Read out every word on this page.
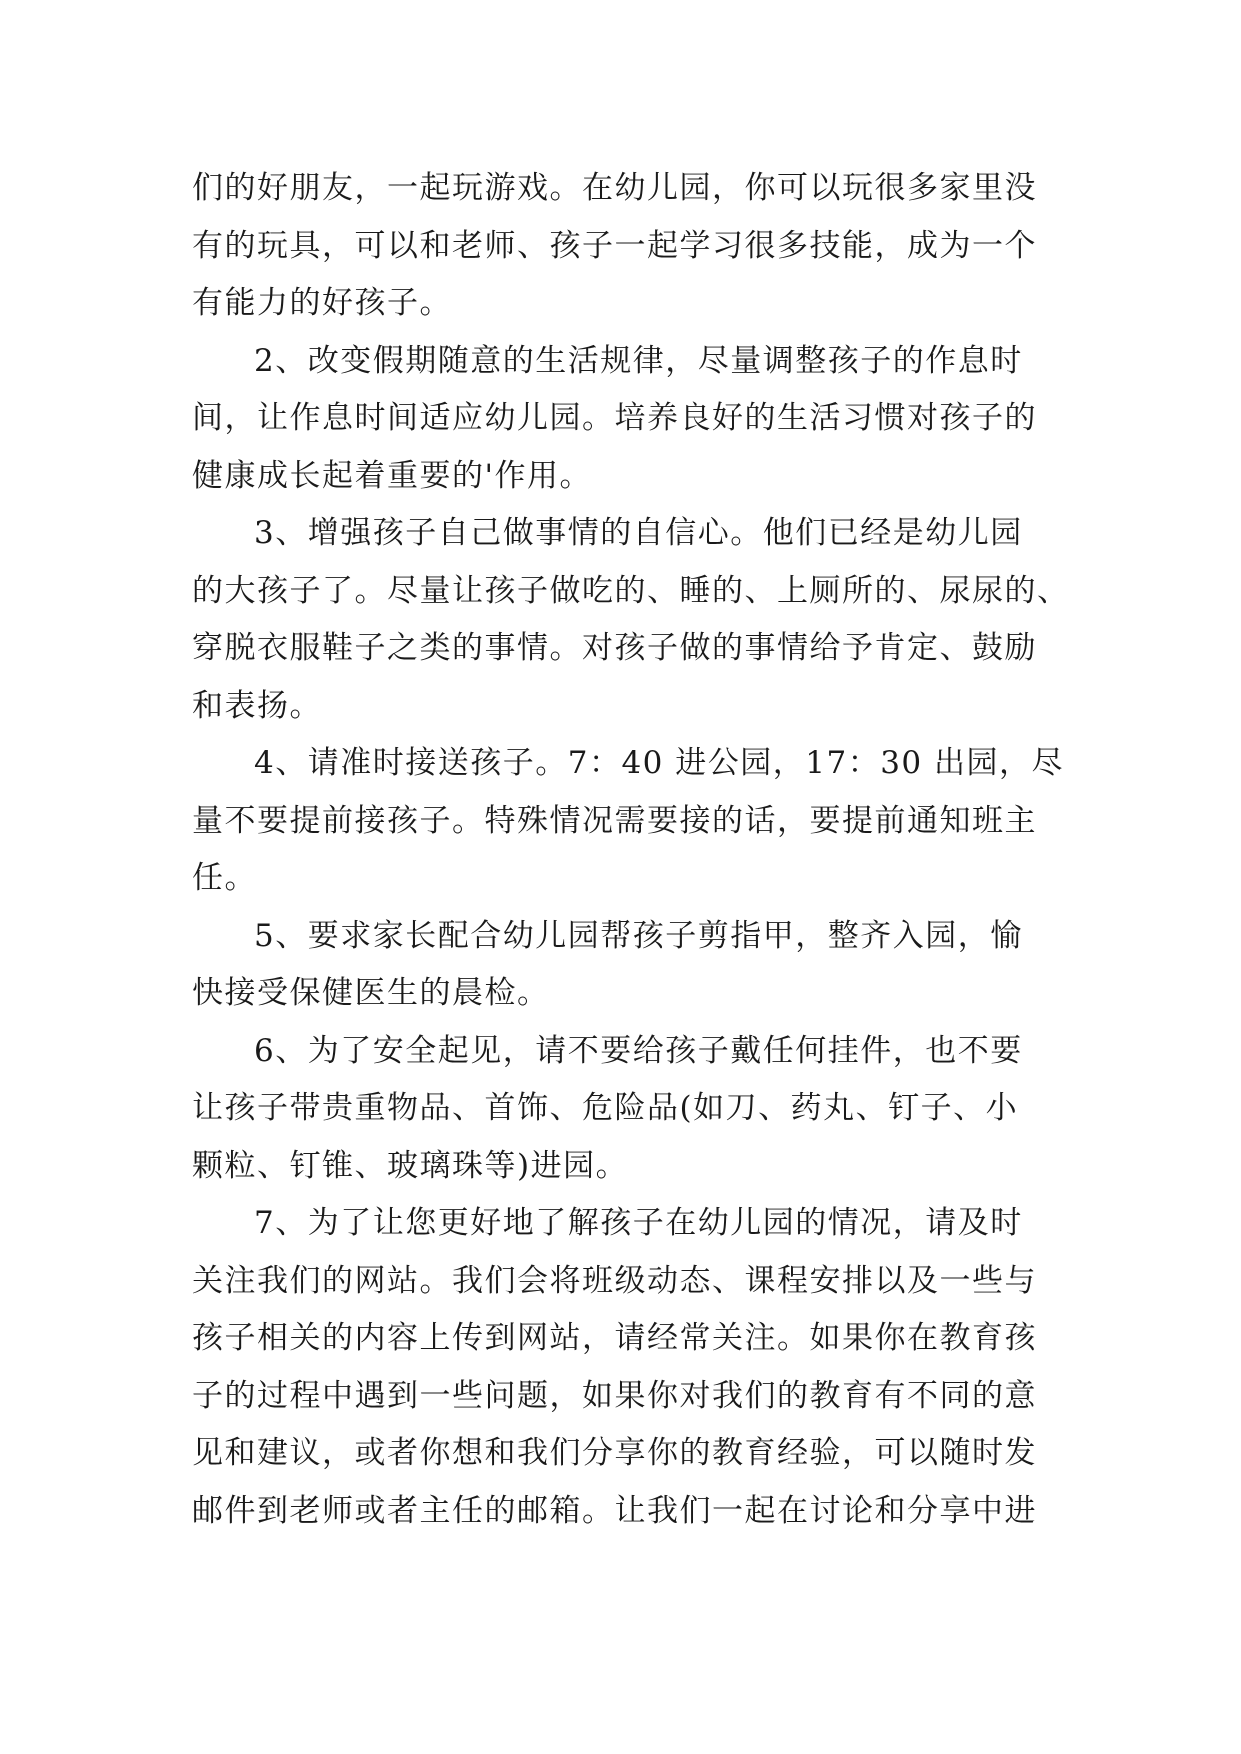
们的好朋友，一起玩游戏。在幼儿园，你可以玩很多家里没
有的玩具，可以和老师、孩子一起学习很多技能，成为一个
有能力的好孩子。
2、改变假期随意的生活规律，尽量调整孩子的作息时
间，让作息时间适应幼儿园。培养良好的生活习惯对孩子的
健康成长起着重要的'作用。
3、增强孩子自己做事情的自信心。他们已经是幼儿园
的大孩子了。尽量让孩子做吃的、睡的、上厕所的、尿尿的、
穿脱衣服鞋子之类的事情。对孩子做的事情给予肯定、鼓励
和表扬。
4、请准时接送孩子。7：40 进公园，17：30 出园，尽
量不要提前接孩子。特殊情况需要接的话，要提前通知班主
任。
5、要求家长配合幼儿园帮孩子剪指甲，整齐入园，愉
快接受保健医生的晨检。
6、为了安全起见，请不要给孩子戴任何挂件，也不要
让孩子带贵重物品、首饰、危险品(如刀、药丸、钉子、小
颗粒、钉锥、玻璃珠等)进园。
7、为了让您更好地了解孩子在幼儿园的情况，请及时
关注我们的网站。我们会将班级动态、课程安排以及一些与
孩子相关的内容上传到网站，请经常关注。如果你在教育孩
子的过程中遇到一些问题，如果你对我们的教育有不同的意
见和建议，或者你想和我们分享你的教育经验，可以随时发
邮件到老师或者主任的邮箱。让我们一起在讨论和分享中进
